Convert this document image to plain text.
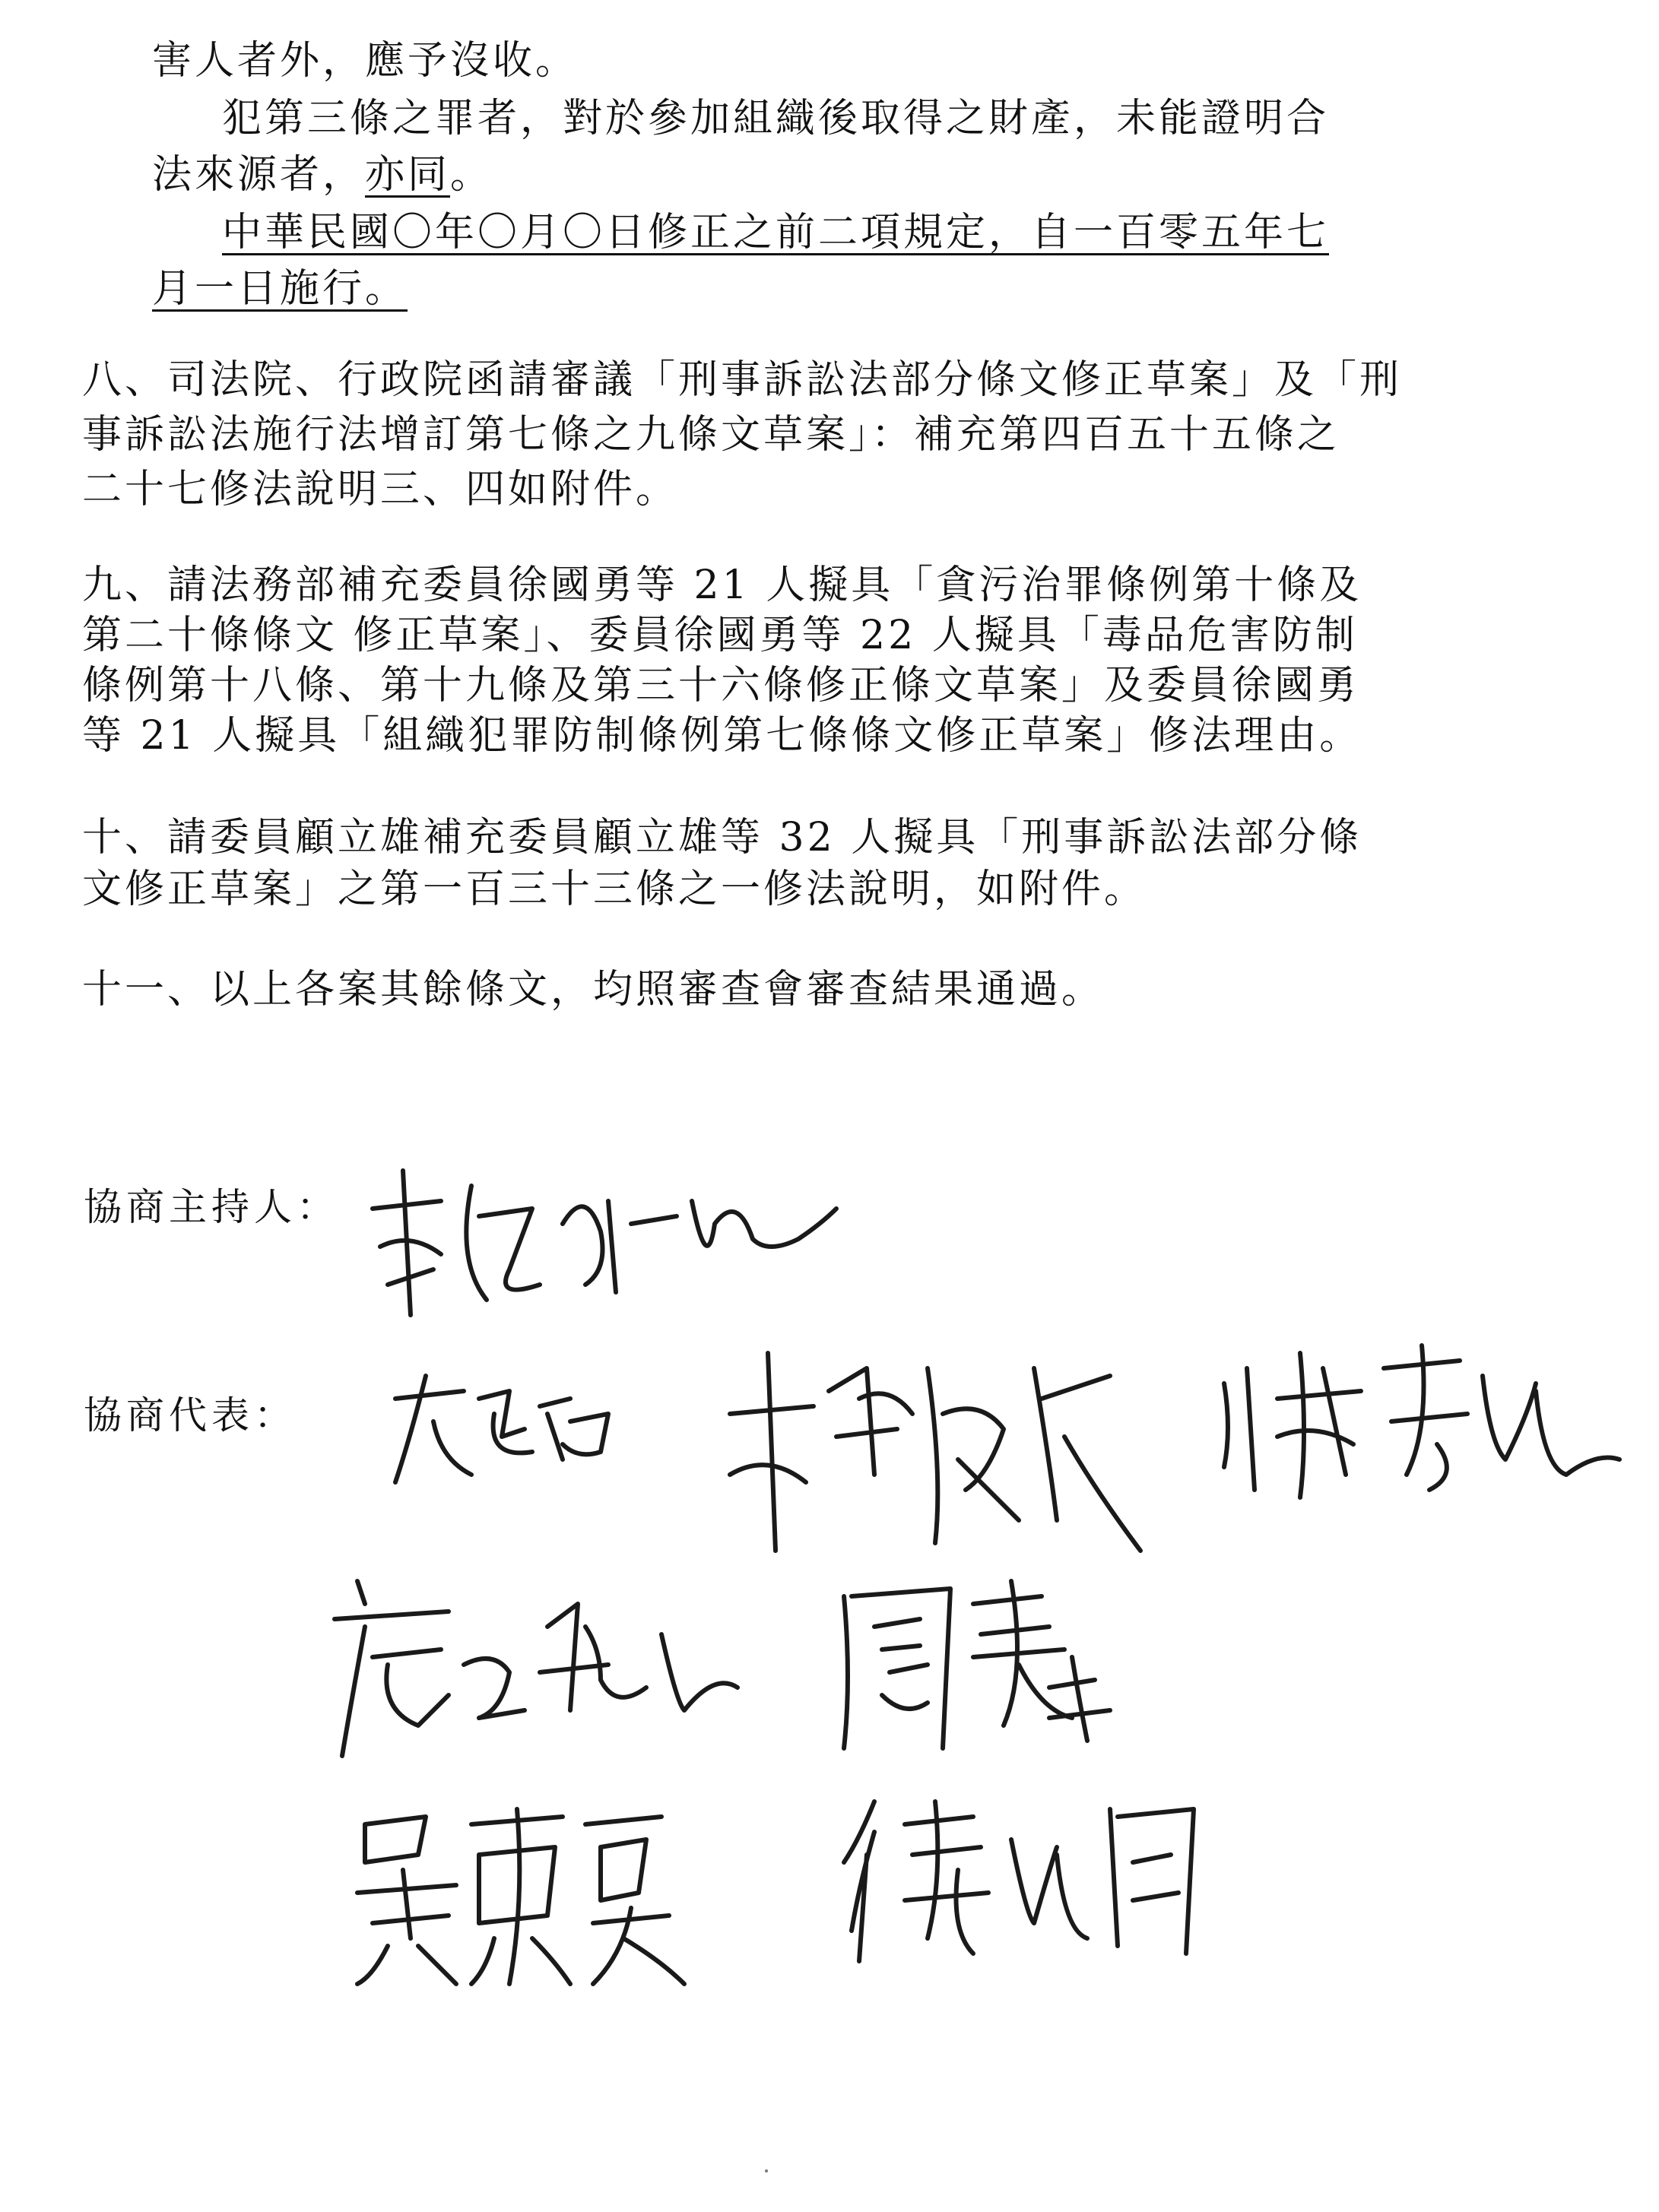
害人者外，應予沒收。
犯第三條之罪者，對於參加組織後取得之財產，未能證明合
法來源者，亦同。
中華民國〇年〇月〇日修正之前二項規定，自一百零五年七
月一日施行。
八、司法院、行政院函請審議「刑事訴訟法部分條文修正草案」及「刑
事訴訟法施行法增訂第七條之九條文草案」：補充第四百五十五條之
二十七修法說明三、四如附件。
九、請法務部補充委員徐國勇等 21 人擬具「貪污治罪條例第十條及
第二十條條文 修正草案」、委員徐國勇等 22 人擬具「毒品危害防制
條例第十八條、第十九條及第三十六條修正條文草案」及委員徐國勇
等 21 人擬具「組織犯罪防制條例第七條條文修正草案」修法理由。
十、請委員顧立雄補充委員顧立雄等 32 人擬具「刑事訴訟法部分條
文修正草案」之第一百三十三條之一修法說明，如附件。
十一、以上各案其餘條文，均照審查會審查結果通過。
協商主持人：
協商代表：
